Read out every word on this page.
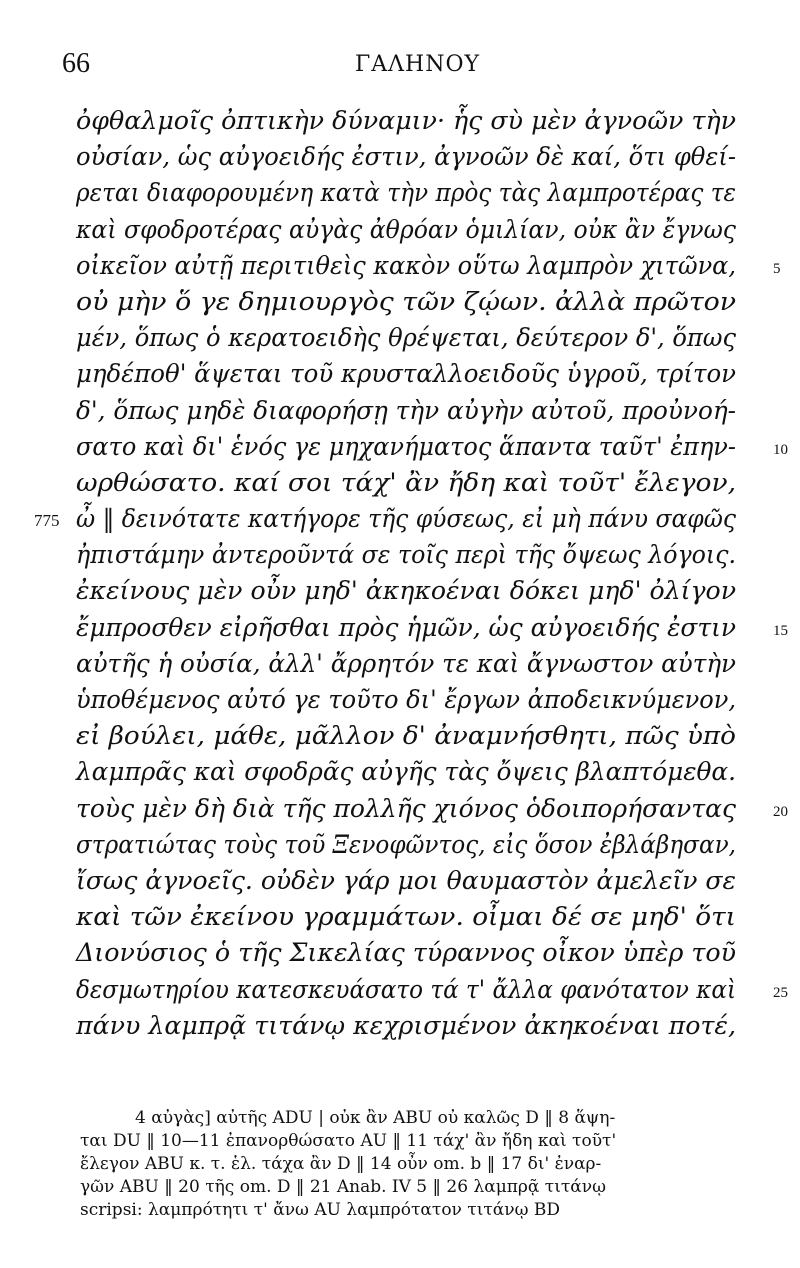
66	ΓΑΛΗΝΟΥ
ὀφθαλμοῖς ὀπτικὴν δύναμιν· ἧς σὺ μὲν ἀγνοῶν τὴν
οὐσίαν, ὡς αὐγοειδής ἐστιν, ἀγνοῶν δὲ καί, ὅτι φθεί-
ρεται διαφορουμένη κατὰ τὴν πρὸς τὰς λαμπροτέρας τε
καὶ σφοδροτέρας αὐγὰς ἀθρόαν ὁμιλίαν, οὐκ ἂν ἔγνως
οἰκεῖον αὐτῇ περιτιθεὶς κακὸν οὕτω λαμπρὸν χιτῶνα, 5
οὐ μὴν ὅ γε δημιουργὸς τῶν ζῴων. ἀλλὰ πρῶτον
μέν, ὅπως ὁ κερατοειδὴς θρέψεται, δεύτερον δ', ὅπως
μηδέποθ' ἅψεται τοῦ κρυσταλλοειδοῦς ὑγροῦ, τρίτον
δ', ὅπως μηδὲ διαφορήσῃ τὴν αὐγὴν αὐτοῦ, προὐνοή-
σατο καὶ δι' ἑνός γε μηχανήματος ἅπαντα ταῦτ' ἐπην- 10
ωρθώσατο. καί σοι τάχ' ἂν ἤδη καὶ τοῦτ' ἔλεγον,
ὦ ‖ δεινότατε κατήγορε τῆς φύσεως, εἰ μὴ πάνυ σαφῶς
775
ἠπιστάμην ἀντεροῦντά σε τοῖς περὶ τῆς ὄψεως λόγοις.
ἐκείνους μὲν οὖν μηδ' ἀκηκοέναι δόκει μηδ' ὀλίγον
ἔμπροσθεν εἰρῆσθαι πρὸς ἡμῶν, ὡς αὐγοειδής ἐστιν 15
αὐτῆς ἡ οὐσία, ἀλλ' ἄρρητόν τε καὶ ἄγνωστον αὐτὴν
ὑποθέμενος αὐτό γε τοῦτο δι' ἔργων ἀποδεικνύμενον,
εἰ βούλει, μάθε, μᾶλλον δ' ἀναμνήσθητι, πῶς ὑπὸ
λαμπρᾶς καὶ σφοδρᾶς αὐγῆς τὰς ὄψεις βλαπτόμεθα.
τοὺς μὲν δὴ διὰ τῆς πολλῆς χιόνος ὁδοιπορήσαντας 20
στρατιώτας τοὺς τοῦ Ξενοφῶντος, εἰς ὅσον ἐβλάβησαν,
ἴσως ἀγνοεῖς. οὐδὲν γάρ μοι θαυμαστὸν ἀμελεῖν σε
καὶ τῶν ἐκείνου γραμμάτων. οἶμαι δέ σε μηδ' ὅτι
Διονύσιος ὁ τῆς Σικελίας τύραννος οἶκον ὑπὲρ τοῦ
δεσμωτηρίου κατεσκευάσατο τά τ' ἄλλα φανότατον καὶ 25
πάνυ λαμπρᾷ τιτάνῳ κεχρισμένον ἀκηκοέναι ποτέ,
4 αὐγὰς] αὐτῆς ADU | οὐκ ἂν ABU οὐ καλῶς D ‖ 8 ἅψη-
ται DU ‖ 10—11 ἐπανορθώσατο AU ‖ 11 τάχ' ἂν ἤδη καὶ τοῦτ'
ἔλεγον ABU κ. τ. ἑλ. τάχα ἂν D ‖ 14 οὖν om. b ‖ 17 δι' ἐναρ-
γῶν ABU ‖ 20 τῆς om. D ‖ 21 Anab. IV 5 ‖ 26 λαμπρᾷ τιτάνῳ
scripsi: λαμπρότητι τ' ἄνω AU λαμπρότατον τιτάνῳ BD
